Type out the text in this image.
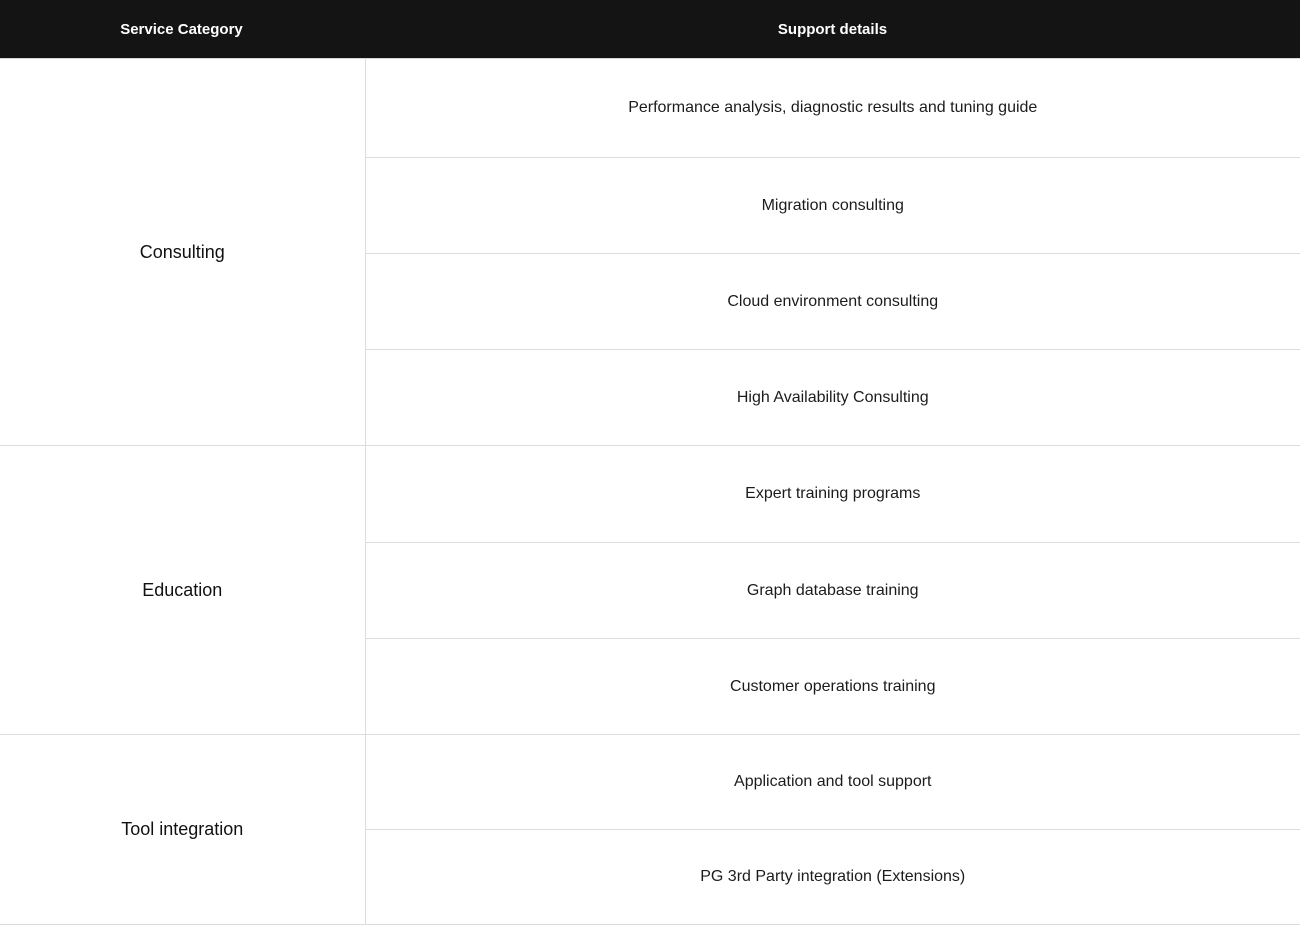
Service Category	Support details
Consulting	Performance analysis, diagnostic results and tuning guide
	Migration consulting
	Cloud environment consulting
	High Availability Consulting
Education	Expert training programs
	Graph database training
	Customer operations training
Tool integration	Application and tool support
	PG 3rd Party integration (Extensions)
